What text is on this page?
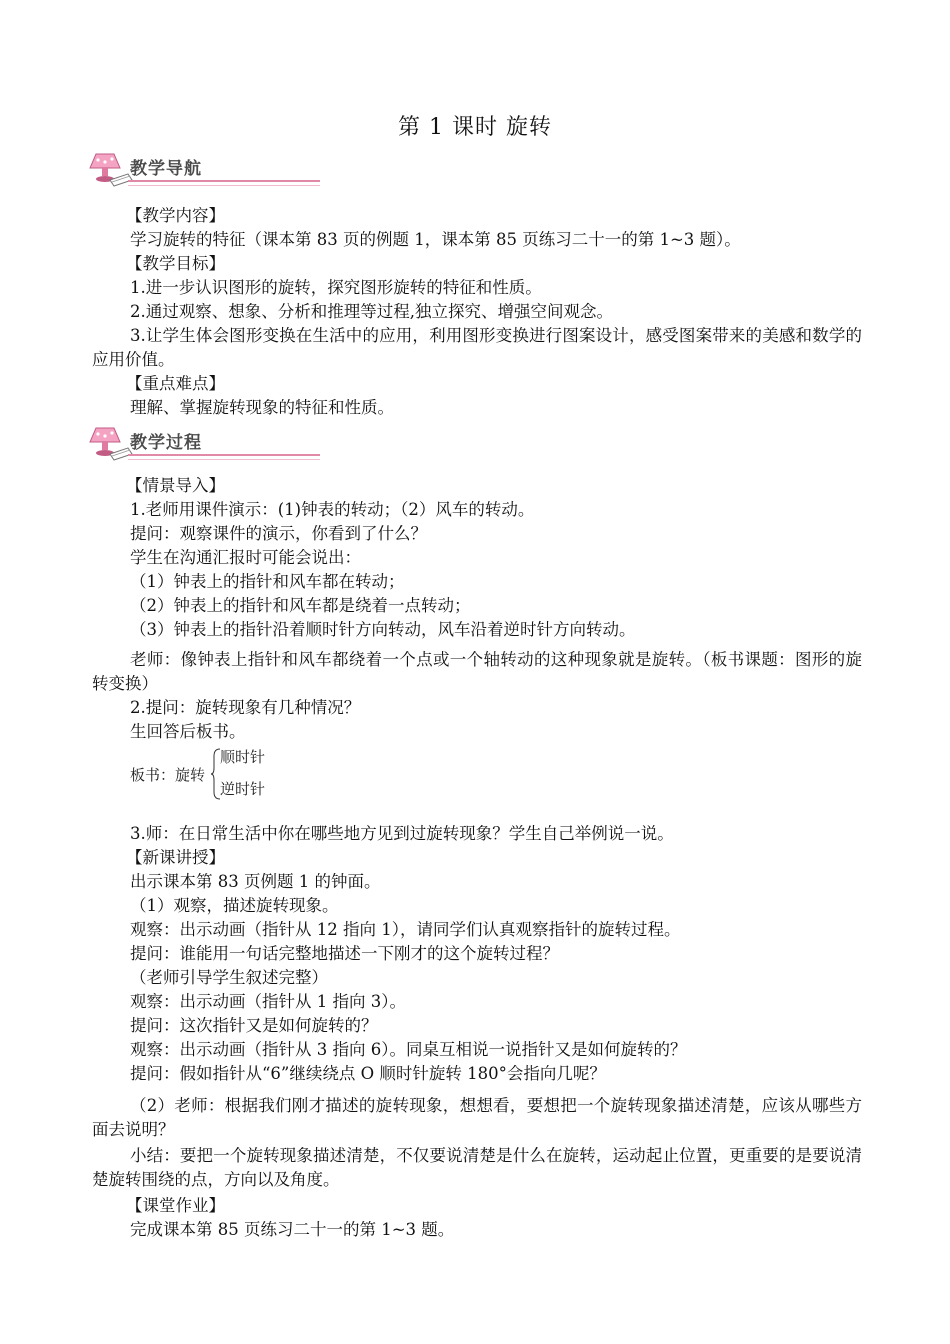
第 1 课时 旋转
教学导航
【教学内容】
学习旋转的特征（课本第 83 页的例题 1，课本第 85 页练习二十一的第 1~3 题）。
【教学目标】
1.进一步认识图形的旋转，探究图形旋转的特征和性质。
2.通过观察、想象、分析和推理等过程,独立探究、增强空间观念。
3.让学生体会图形变换在生活中的应用，利用图形变换进行图案设计，感受图案带来的美感和数学的应用价值。
【重点难点】
理解、掌握旋转现象的特征和性质。
教学过程
【情景导入】
1.老师用课件演示：(1)钟表的转动；（2）风车的转动。
提问：观察课件的演示，你看到了什么？
学生在沟通汇报时可能会说出：
（1）钟表上的指针和风车都在转动；
（2）钟表上的指针和风车都是绕着一点转动；
（3）钟表上的指针沿着顺时针方向转动，风车沿着逆时针方向转动。
老师：像钟表上指针和风车都绕着一个点或一个轴转动的这种现象就是旋转。（板书课题：图形的旋转变换）
2.提问：旋转现象有几种情况？
生回答后板书。
板书：旋转
顺时针
逆时针
3.师：在日常生活中你在哪些地方见到过旋转现象？学生自己举例说一说。
【新课讲授】
出示课本第 83 页例题 1 的钟面。
（1）观察，描述旋转现象。
观察：出示动画（指针从 12 指向 1），请同学们认真观察指针的旋转过程。
提问：谁能用一句话完整地描述一下刚才的这个旋转过程？
（老师引导学生叙述完整）
观察：出示动画（指针从 1 指向 3）。
提问：这次指针又是如何旋转的？
观察：出示动画（指针从 3 指向 6）。同桌互相说一说指针又是如何旋转的？
提问：假如指针从“6”继续绕点 O 顺时针旋转 180°会指向几呢？
（2）老师：根据我们刚才描述的旋转现象，想想看，要想把一个旋转现象描述清楚，应该从哪些方面去说明？
小结：要把一个旋转现象描述清楚，不仅要说清楚是什么在旋转，运动起止位置，更重要的是要说清楚旋转围绕的点，方向以及角度。
【课堂作业】
完成课本第 85 页练习二十一的第 1~3 题。
